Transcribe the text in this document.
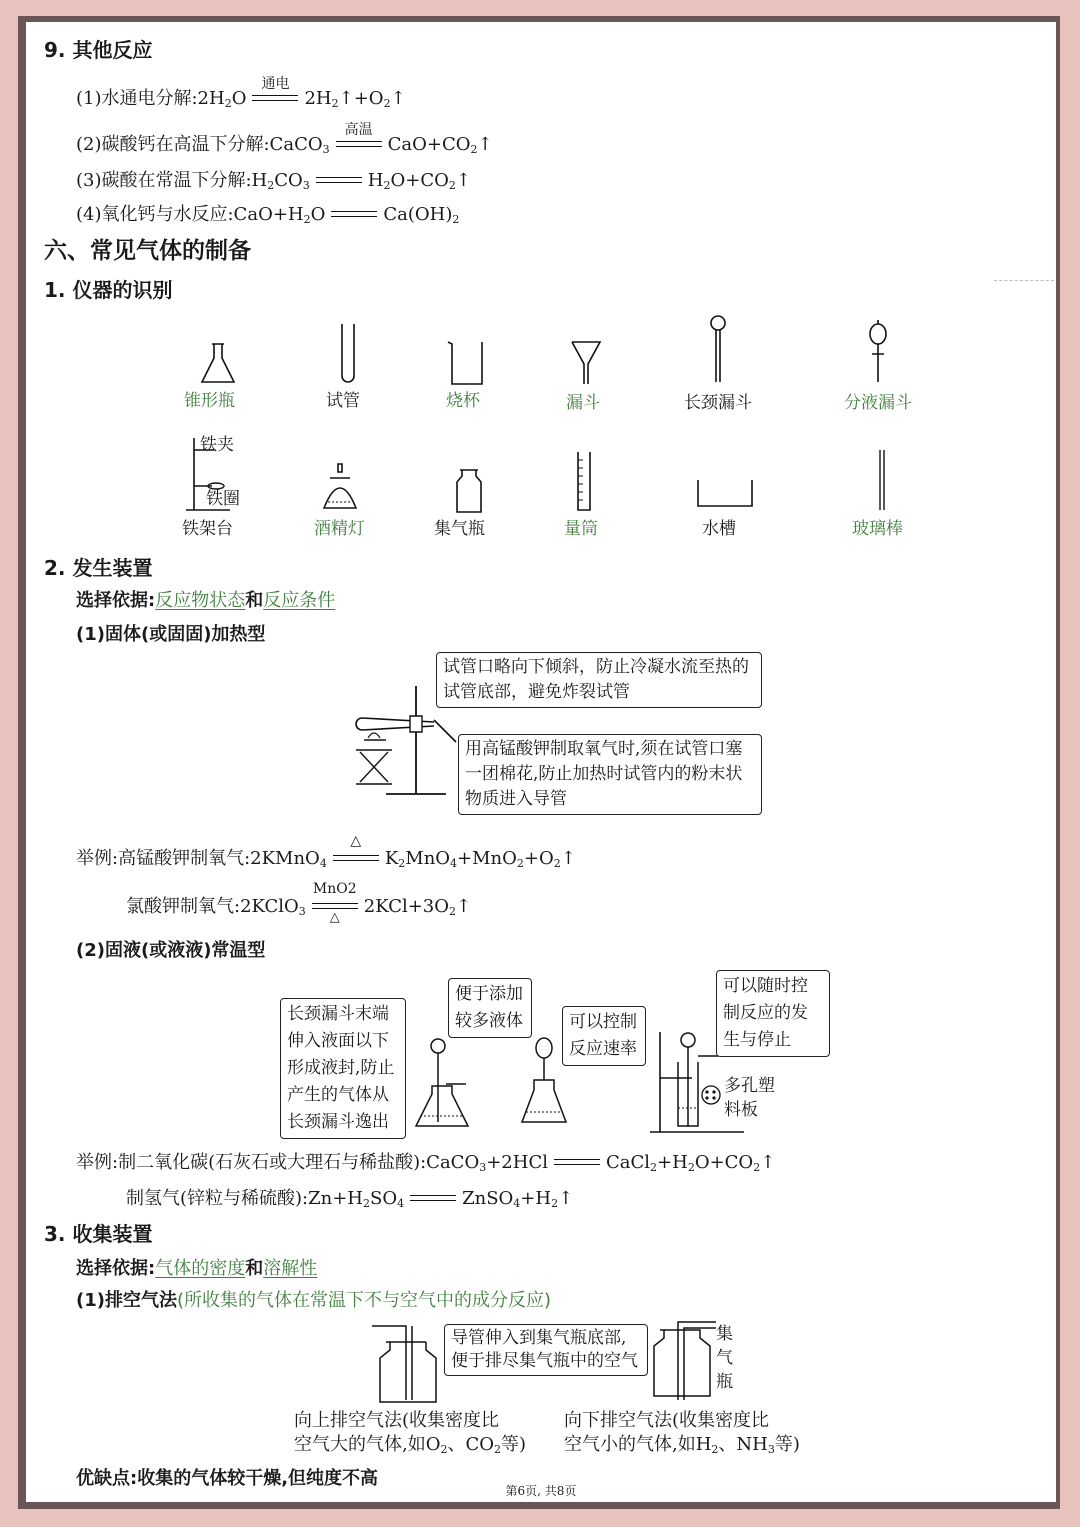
9. 其他反应
(1)水通电分解$:2H_2O$
通电
$2H_2↑+O_2↑$
(2)碳酸钙在高温下分解:CaCO$_3$
高温
$CaO+CO_2↑$
(3)碳酸在常温下分解$:H_2CO_3$	$H_2O+CO_2↑$
(4)氧化钙与水反应$:CaO+H_2O$	$Ca(OH)_2$
六、常见气体的制备
1. 仪器的识别
锥形瓶	试管	烧杯	漏斗	长颈漏斗	分液漏斗
铁夹
铁圈
铁架台	酒精灯	集气瓶	量筒	水槽	玻璃棒
2. 发生装置
选择依据:反应物状态和反应条件
(1)固体(或固固)加热型
试管口略向下倾斜，防止冷凝水流至热的试管底部，避免炸裂试管
用高锰酸钾制取氧气时,须在试管口塞一团棉花,防止加热时试管内的粉末状物质进入导管
举例:高锰酸钾制氧气:2KMnO$_4$
△
$K_2MnO_4+MnO_2+O_2↑$
氯酸钾制氧气:2KClO$_3$
MnO2
△
$2KCl+3O_2↑$
(2)固液(或液液)常温型
长颈漏斗末端伸入液面以下形成液封,防止产生的气体从长颈漏斗逸出
便于添加较多液体	可以控制反应速率
可以随时控制反应的发生与停止
多孔塑料板
举例:制二氧化碳(石灰石或大理石与稀盐酸):CaCO$_3$+2HCl	$CaCl_2+H_2O+CO_2↑$
制氢气(锌粒与稀硫酸)$:Zn+H_2SO_4$	$ZnSO_4+H_2↑$
3. 收集装置
选择依据:气体的密度和溶解性
(1)排空气法(所收集的气体在常温下不与空气中的成分反应)
导管伸入到集气瓶底部,便于排尽集气瓶中的空气
集气瓶
向上排空气法(收集密度比
空气大的气体,如$O_2$、$CO_2$等)
向下排空气法(收集密度比
空气小的气体,如$H_2$、$NH_3$等)
优缺点:收集的气体较干燥,但纯度不高
第6页, 共8页
